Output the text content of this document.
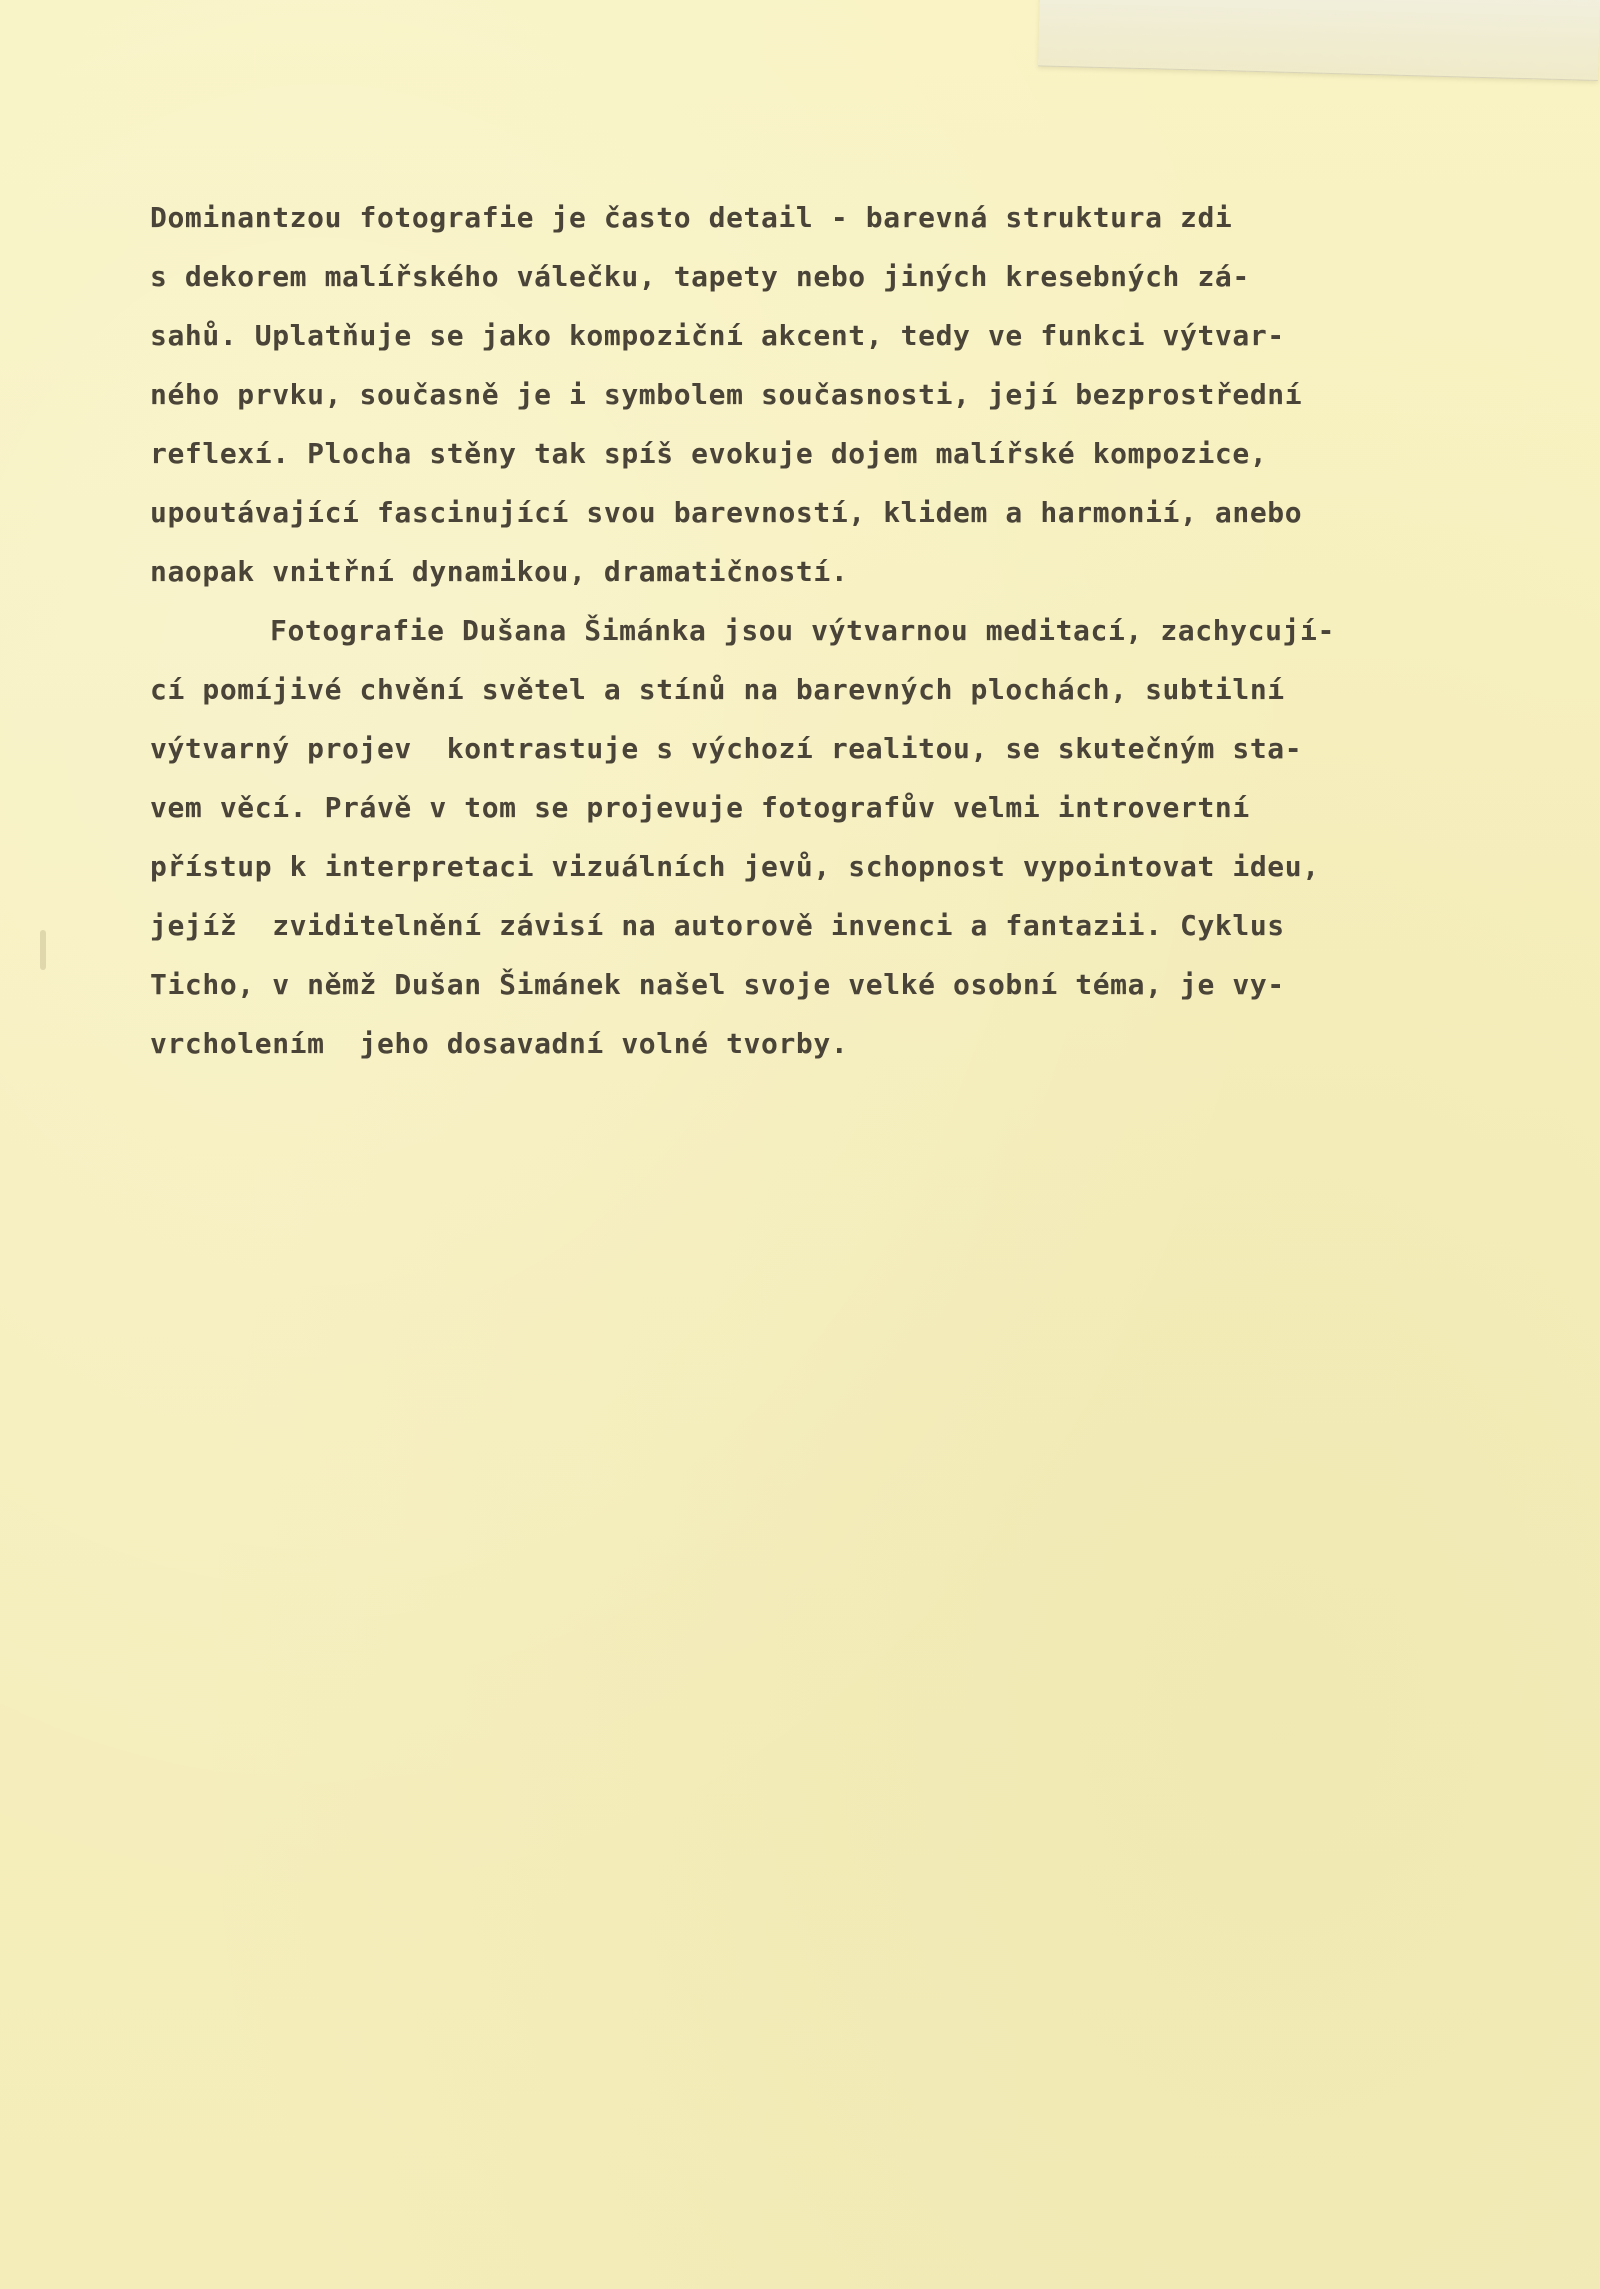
Dominantzou fotografie je často detail - barevná struktura zdi
s dekorem malířského válečku, tapety nebo jiných kresebných zá-
sahů. Uplatňuje se jako kompoziční akcent, tedy ve funkci výtvar-
ného prvku, současně je i symbolem současnosti, její bezprostřední
reflexí. Plocha stěny tak spíš evokuje dojem malířské kompozice,
upoutávající fascinující svou barevností, klidem a harmonií, anebo
naopak vnitřní dynamikou, dramatičností.
Fotografie Dušana Šimánka jsou výtvarnou meditací, zachycují-
cí pomíjivé chvění světel a stínů na barevných plochách, subtilní
výtvarný projev  kontrastuje s výchozí realitou, se skutečným sta-
vem věcí. Právě v tom se projevuje fotografův velmi introvertní
přístup k interpretaci vizuálních jevů, schopnost vypointovat ideu,
jejíž  zviditelnění závisí na autorově invenci a fantazii. Cyklus
Ticho, v němž Dušan Šimánek našel svoje velké osobní téma, je vy-
vrcholením  jeho dosavadní volné tvorby.
